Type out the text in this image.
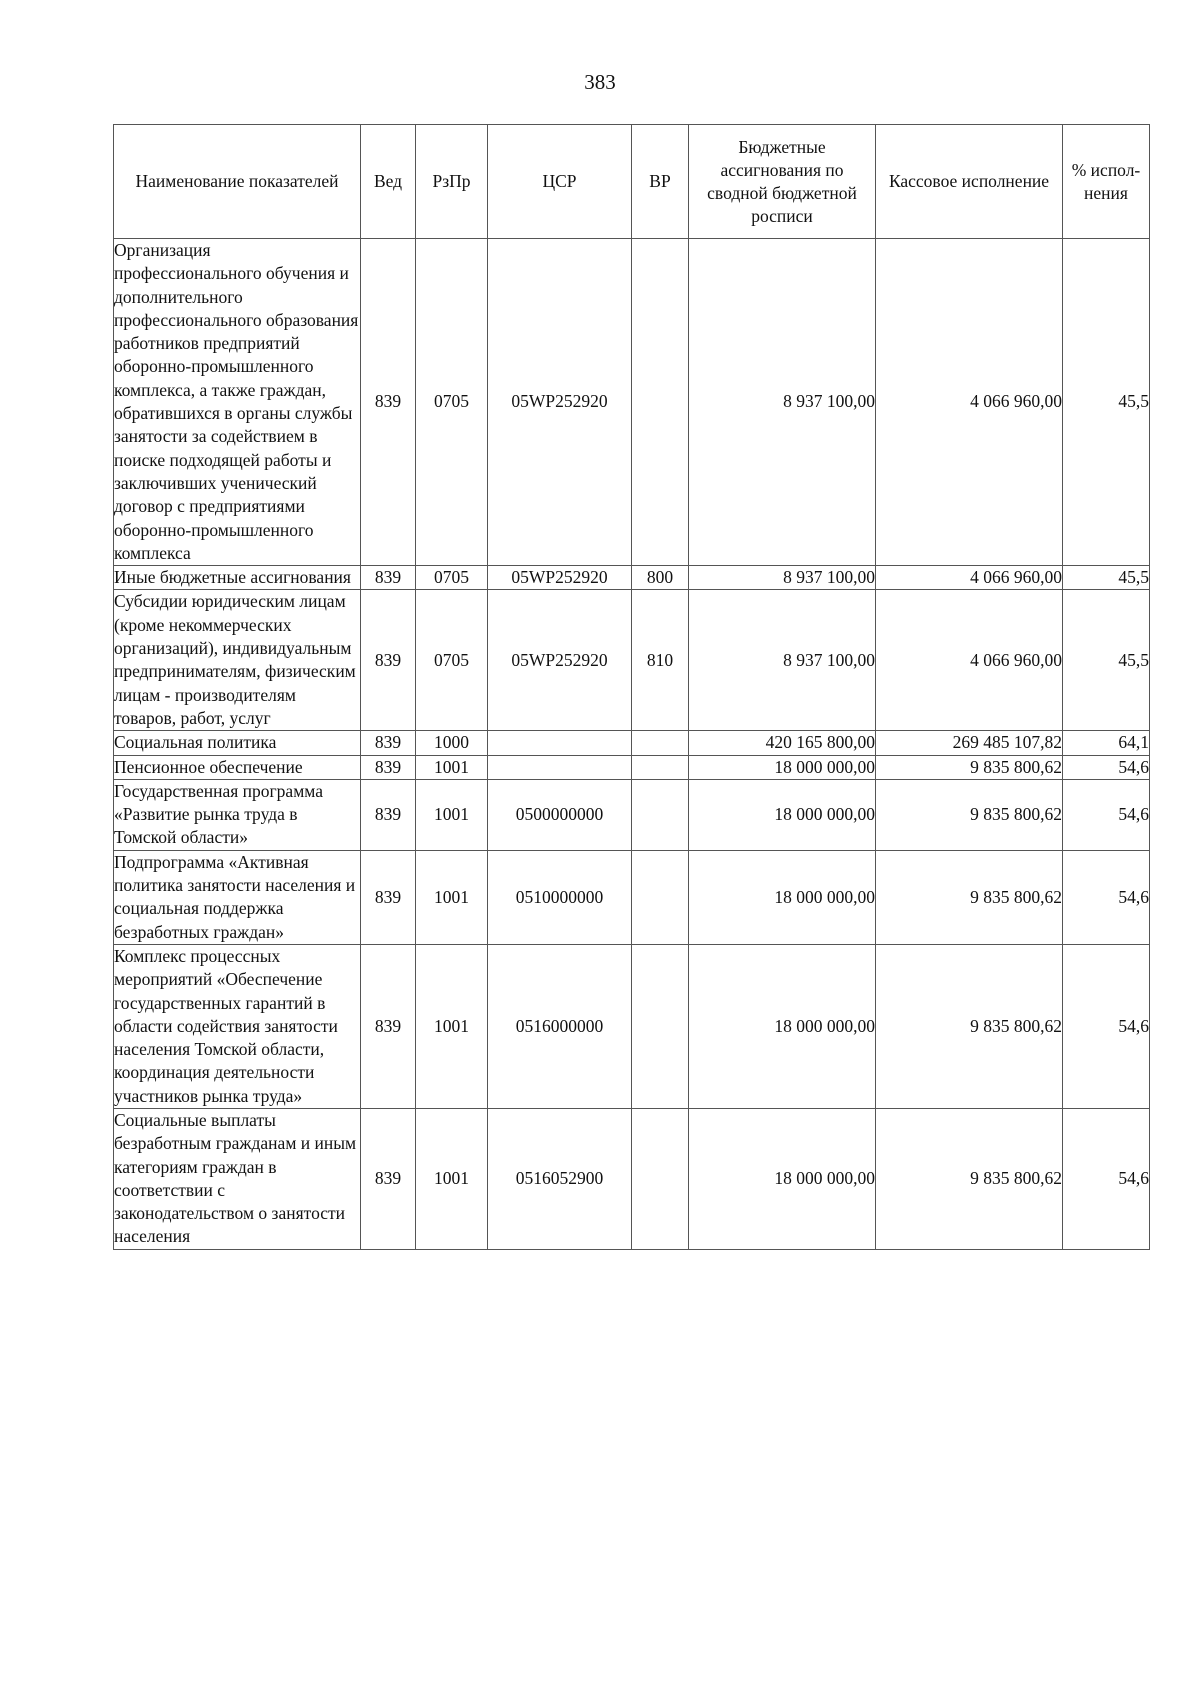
383
Наименование показателей	Вед	РзПр	ЦСР	ВР	Бюджетные ассигнования по сводной бюджетной росписи	Кассовое исполнение	% испол-нения
Организация профессионального обучения и дополнительного профессионального образования работников предприятий оборонно-промышленного комплекса, а также граждан, обратившихся в органы службы занятости за содействием в поиске подходящей работы и заключивших ученический договор с предприятиями оборонно-промышленного комплекса	839	0705	05WP252920		8 937 100,00	4 066 960,00	45,5
Иные бюджетные ассигнования	839	0705	05WP252920	800	8 937 100,00	4 066 960,00	45,5
Субсидии юридическим лицам (кроме некоммерческих организаций), индивидуальным предпринимателям, физическим лицам - производителям товаров, работ, услуг	839	0705	05WP252920	810	8 937 100,00	4 066 960,00	45,5
Социальная политика	839	1000			420 165 800,00	269 485 107,82	64,1
Пенсионное обеспечение	839	1001			18 000 000,00	9 835 800,62	54,6
Государственная программа «Развитие рынка труда в Томской области»	839	1001	0500000000		18 000 000,00	9 835 800,62	54,6
Подпрограмма «Активная политика занятости населения и социальная поддержка безработных граждан»	839	1001	0510000000		18 000 000,00	9 835 800,62	54,6
Комплекс процессных мероприятий «Обеспечение государственных гарантий в области содействия занятости населения Томской области, координация деятельности участников рынка труда»	839	1001	0516000000		18 000 000,00	9 835 800,62	54,6
Социальные выплаты безработным гражданам и иным категориям граждан в соответствии с законодательством о занятости населения	839	1001	0516052900		18 000 000,00	9 835 800,62	54,6
